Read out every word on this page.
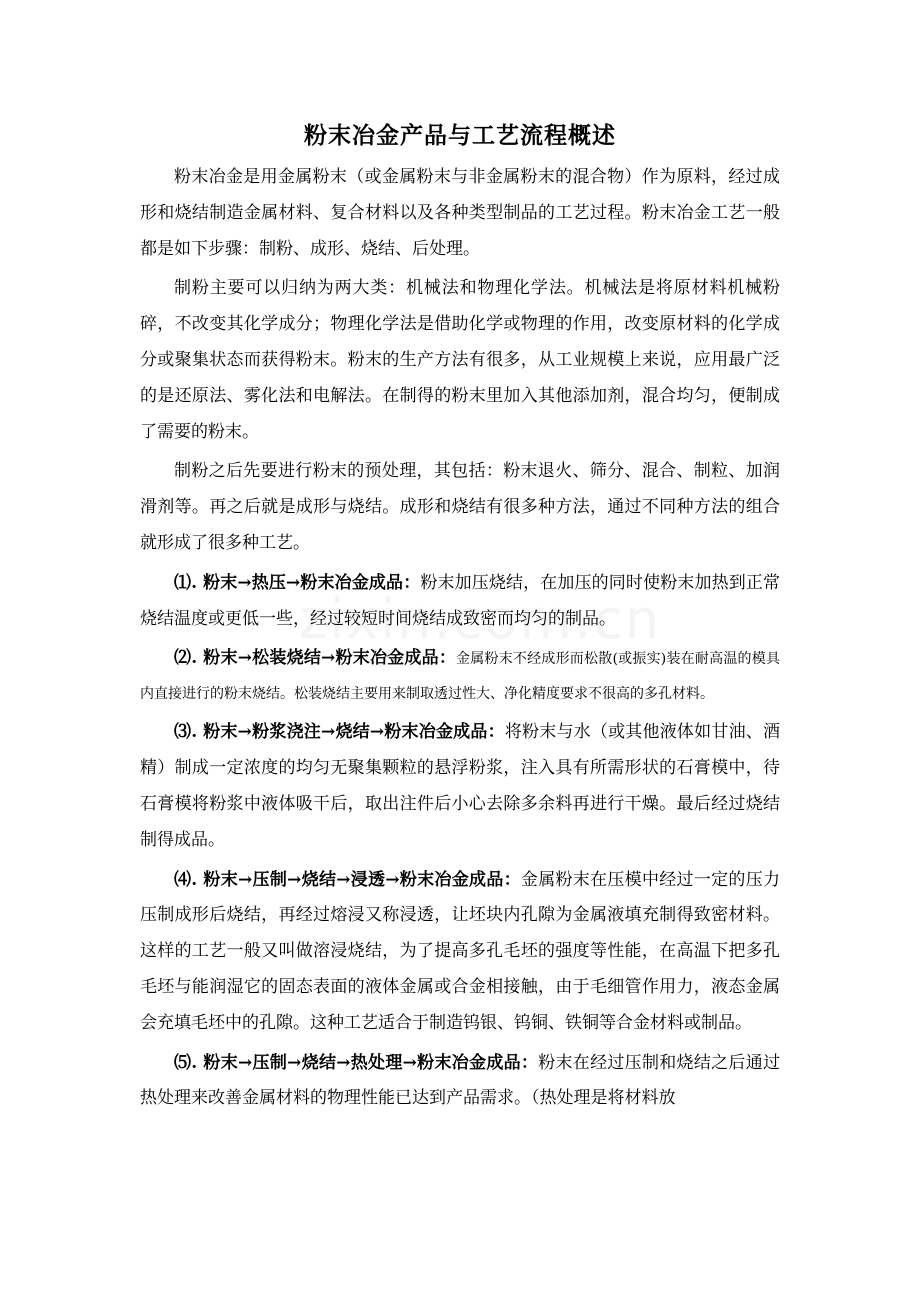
粉末冶金产品与工艺流程概述

粉末冶金是用金属粉末（或金属粉末与非金属粉末的混合物）作为原料，经过成形和烧结制造金属材料、复合材料以及各种类型制品的工艺过程。粉末冶金工艺一般都是如下步骤：制粉、成形、烧结、后处理。

制粉主要可以归纳为两大类：机械法和物理化学法。机械法是将原材料机械粉碎，不改变其化学成分；物理化学法是借助化学或物理的作用，改变原材料的化学成分或聚集状态而获得粉末。粉末的生产方法有很多，从工业规模上来说，应用最广泛的是还原法、雾化法和电解法。在制得的粉末里加入其他添加剂，混合均匀，便制成了需要的粉末。

制粉之后先要进行粉末的预处理，其包括：粉末退火、筛分、混合、制粒、加润滑剂等。再之后就是成形与烧结。成形和烧结有很多种方法，通过不同种方法的组合就形成了很多种工艺。

⑴. 粉末→热压→粉末冶金成品：粉末加压烧结，在加压的同时使粉末加热到正常烧结温度或更低一些，经过较短时间烧结成致密而均匀的制品。

⑵. 粉末→松装烧结→粉末冶金成品：金属粉末不经成形而松散(或振实)装在耐高温的模具内直接进行的粉末烧结。松装烧结主要用来制取透过性大、净化精度要求不很高的多孔材料。

⑶. 粉末→粉浆浇注→烧结→粉末冶金成品：将粉末与水（或其他液体如甘油、酒精）制成一定浓度的均匀无聚集颗粒的悬浮粉浆，注入具有所需形状的石膏模中，待石膏模将粉浆中液体吸干后，取出注件后小心去除多余料再进行干燥。最后经过烧结制得成品。

⑷. 粉末→压制→烧结→浸透→粉末冶金成品：金属粉末在压模中经过一定的压力压制成形后烧结，再经过熔浸又称浸透，让坯块内孔隙为金属液填充制得致密材料。这样的工艺一般又叫做溶浸烧结，为了提高多孔毛坯的强度等性能，在高温下把多孔毛坯与能润湿它的固态表面的液体金属或合金相接触，由于毛细管作用力，液态金属会充填毛坯中的孔隙。这种工艺适合于制造钨银、钨铜、铁铜等合金材料或制品。

⑸. 粉末→压制→烧结→热处理→粉末冶金成品：粉末在经过压制和烧结之后通过热处理来改善金属材料的物理性能已达到产品需求。（热处理是将材料放
